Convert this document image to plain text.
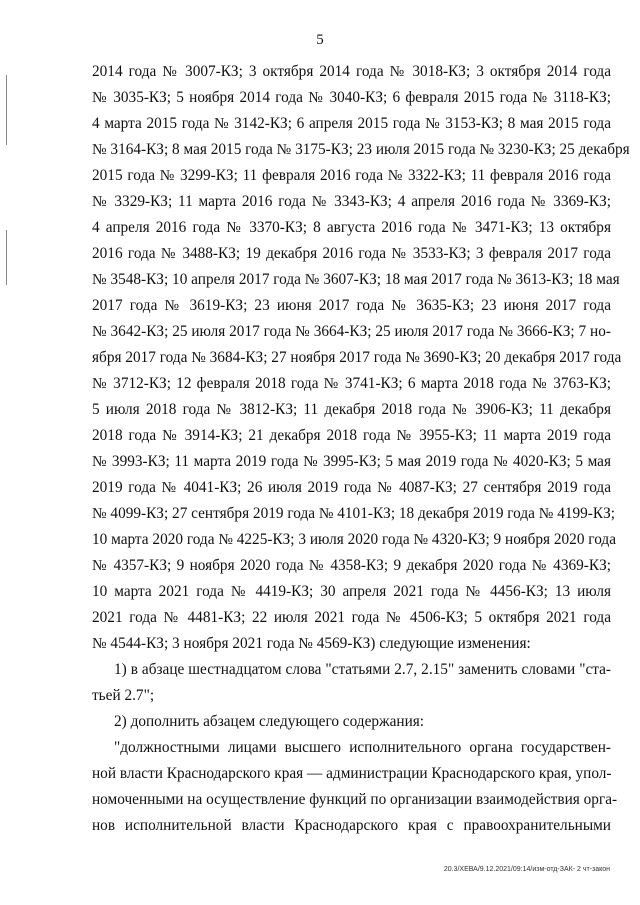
5
2014 года № 3007-КЗ; 3 октября 2014 года № 3018-КЗ; 3 октября 2014 года
№ 3035-КЗ; 5 ноября 2014 года № 3040-КЗ; 6 февраля 2015 года № 3118-КЗ;
4 марта 2015 года № 3142-КЗ; 6 апреля 2015 года № 3153-КЗ; 8 мая 2015 года
№ 3164-КЗ; 8 мая 2015 года № 3175-КЗ; 23 июля 2015 года № 3230-КЗ; 25 декабря
2015 года № 3299-КЗ; 11 февраля 2016 года № 3322-КЗ; 11 февраля 2016 года
№ 3329-КЗ; 11 марта 2016 года № 3343-КЗ; 4 апреля 2016 года № 3369-КЗ;
4 апреля 2016 года № 3370-КЗ; 8 августа 2016 года № 3471-КЗ; 13 октября
2016 года № 3488-КЗ; 19 декабря 2016 года № 3533-КЗ; 3 февраля 2017 года
№ 3548-КЗ; 10 апреля 2017 года № 3607-КЗ; 18 мая 2017 года № 3613-КЗ; 18 мая
2017 года № 3619-КЗ; 23 июня 2017 года № 3635-КЗ; 23 июня 2017 года
№ 3642-КЗ; 25 июля 2017 года № 3664-КЗ; 25 июля 2017 года № 3666-КЗ; 7 но-
ября 2017 года № 3684-КЗ; 27 ноября 2017 года № 3690-КЗ; 20 декабря 2017 года
№ 3712-КЗ; 12 февраля 2018 года № 3741-КЗ; 6 марта 2018 года № 3763-КЗ;
5 июля 2018 года № 3812-КЗ; 11 декабря 2018 года № 3906-КЗ; 11 декабря
2018 года № 3914-КЗ; 21 декабря 2018 года № 3955-КЗ; 11 марта 2019 года
№ 3993-КЗ; 11 марта 2019 года № 3995-КЗ; 5 мая 2019 года № 4020-КЗ; 5 мая
2019 года № 4041-КЗ; 26 июля 2019 года № 4087-КЗ; 27 сентября 2019 года
№ 4099-КЗ; 27 сентября 2019 года № 4101-КЗ; 18 декабря 2019 года № 4199-КЗ;
10 марта 2020 года № 4225-КЗ; 3 июля 2020 года № 4320-КЗ; 9 ноября 2020 года
№ 4357-КЗ; 9 ноября 2020 года № 4358-КЗ; 9 декабря 2020 года № 4369-КЗ;
10 марта 2021 года № 4419-КЗ; 30 апреля 2021 года № 4456-КЗ; 13 июля
2021 года № 4481-КЗ; 22 июля 2021 года № 4506-КЗ; 5 октября 2021 года
№ 4544-КЗ; 3 ноября 2021 года № 4569-КЗ) следующие изменения:
1) в абзаце шестнадцатом слова "статьями 2.7, 2.15" заменить словами "ста-
тьей 2.7";
2) дополнить абзацем следующего содержания:
"должностными лицами высшего исполнительного органа государствен-
ной власти Краснодарского края — администрации Краснодарского края, упол-
номоченными на осуществление функций по организации взаимодействия орга-
нов исполнительной власти Краснодарского края с правоохранительными
20.3/ХЕВА/9.12.2021/09:14/изм-отд-ЗАК- 2 чт-закон
